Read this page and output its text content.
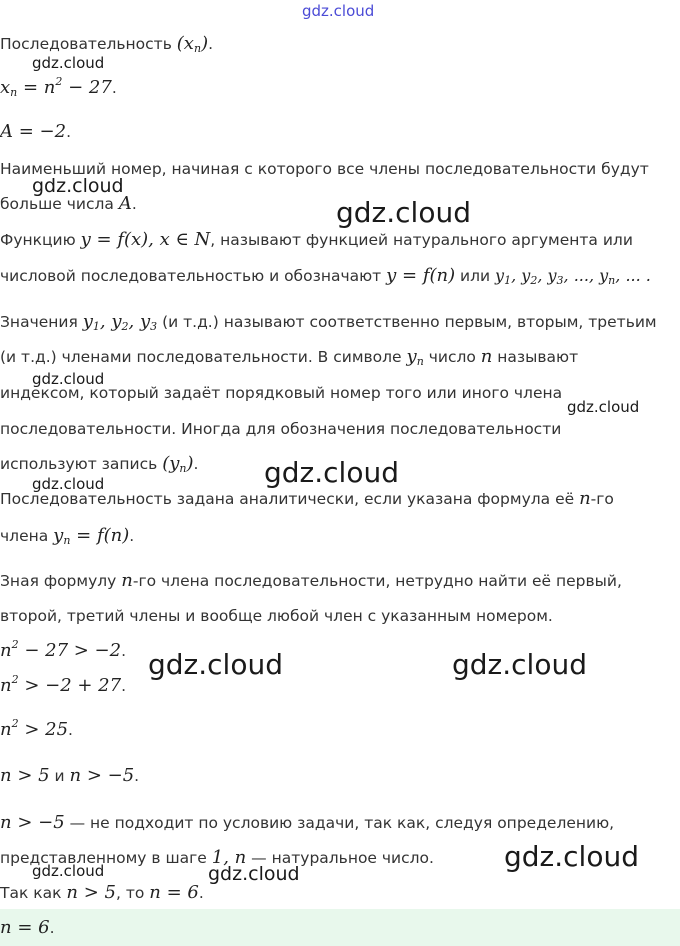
gdz.cloud
gdz.cloud
gdz.cloud
gdz.cloud
gdz.cloud
gdz.cloud
gdz.cloud
gdz.cloud
gdz.cloud	gdz.cloud
gdz.cloud
gdz.cloud	gdz.cloud
Последовательность $(x_n)$.
$x_n = n^2 - 27$.
A = −2.
Наименьший номер, начиная с которого все члены последовательности будут
больше числа A.
Функцию y = f(x), x ∈ N, называют функцией натурального аргумента или
числовой последовательностью и обозначают y = f(n) или $y_1$, $y_2$, $y_3$, ..., $y_n$, ... .
Значения $y_1$, $y_2$, $y_3$ (и т.д.) называют соответственно первым, вторым, третьим
(и т.д.) членами последовательности. В символе $y_n$ число n называют
индексом, который задаёт порядковый номер того или иного члена
последовательности. Иногда для обозначения последовательности
используют запись $(y_n)$.
Последовательность задана аналитически, если указана формула её n-го
члена $y_n = f(n)$.
Зная формулу n-го члена последовательности, нетрудно найти её первый,
второй, третий члены и вообще любой член с указанным номером.
$n^2 - 27 > -2$.
$n^2 > -2 + 27$.
$n^2 > 25$.
n > 5 и n > −5.
n > −5 — не подходит по условию задачи, так как, следуя определению,
представленному в шаге 1, n — натуральное число.
Так как n > 5, то n = 6.
n = 6.
